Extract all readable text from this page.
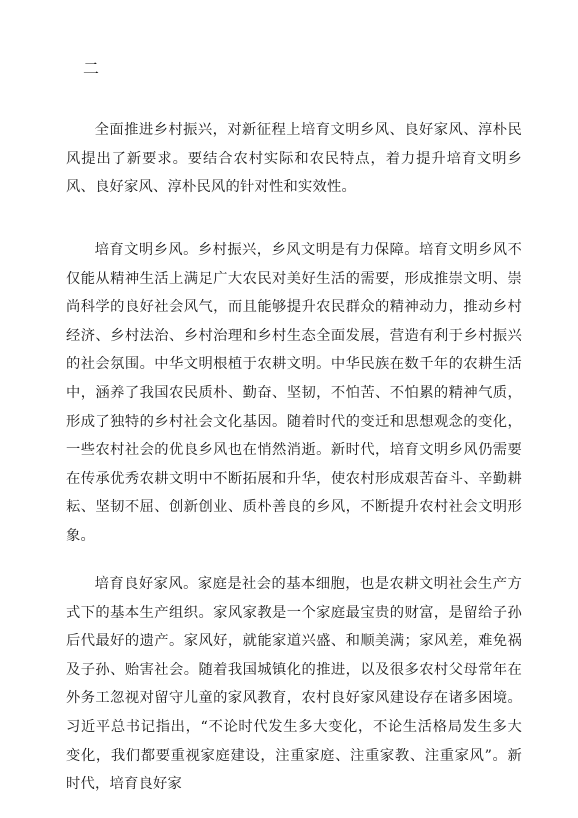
二

全面推进乡村振兴，对新征程上培育文明乡风、良好家风、淳朴民风提出了新要求。要结合农村实际和农民特点，着力提升培育文明乡风、良好家风、淳朴民风的针对性和实效性。

培育文明乡风。乡村振兴，乡风文明是有力保障。培育文明乡风不仅能从精神生活上满足广大农民对美好生活的需要，形成推崇文明、崇尚科学的良好社会风气，而且能够提升农民群众的精神动力，推动乡村经济、乡村法治、乡村治理和乡村生态全面发展，营造有利于乡村振兴的社会氛围。中华文明根植于农耕文明。中华民族在数千年的农耕生活中，涵养了我国农民质朴、勤奋、坚韧，不怕苦、不怕累的精神气质，形成了独特的乡村社会文化基因。随着时代的变迁和思想观念的变化，一些农村社会的优良乡风也在悄然消逝。新时代，培育文明乡风仍需要在传承优秀农耕文明中不断拓展和升华，使农村形成艰苦奋斗、辛勤耕耘、坚韧不屈、创新创业、质朴善良的乡风，不断提升农村社会文明形象。

培育良好家风。家庭是社会的基本细胞，也是农耕文明社会生产方式下的基本生产组织。家风家教是一个家庭最宝贵的财富，是留给子孙后代最好的遗产。家风好，就能家道兴盛、和顺美满；家风差，难免祸及子孙、贻害社会。随着我国城镇化的推进，以及很多农村父母常年在外务工忽视对留守儿童的家风教育，农村良好家风建设存在诸多困境。习近平总书记指出，“不论时代发生多大变化，不论生活格局发生多大变化，我们都要重视家庭建设，注重家庭、注重家教、注重家风”。新时代，培育良好家
